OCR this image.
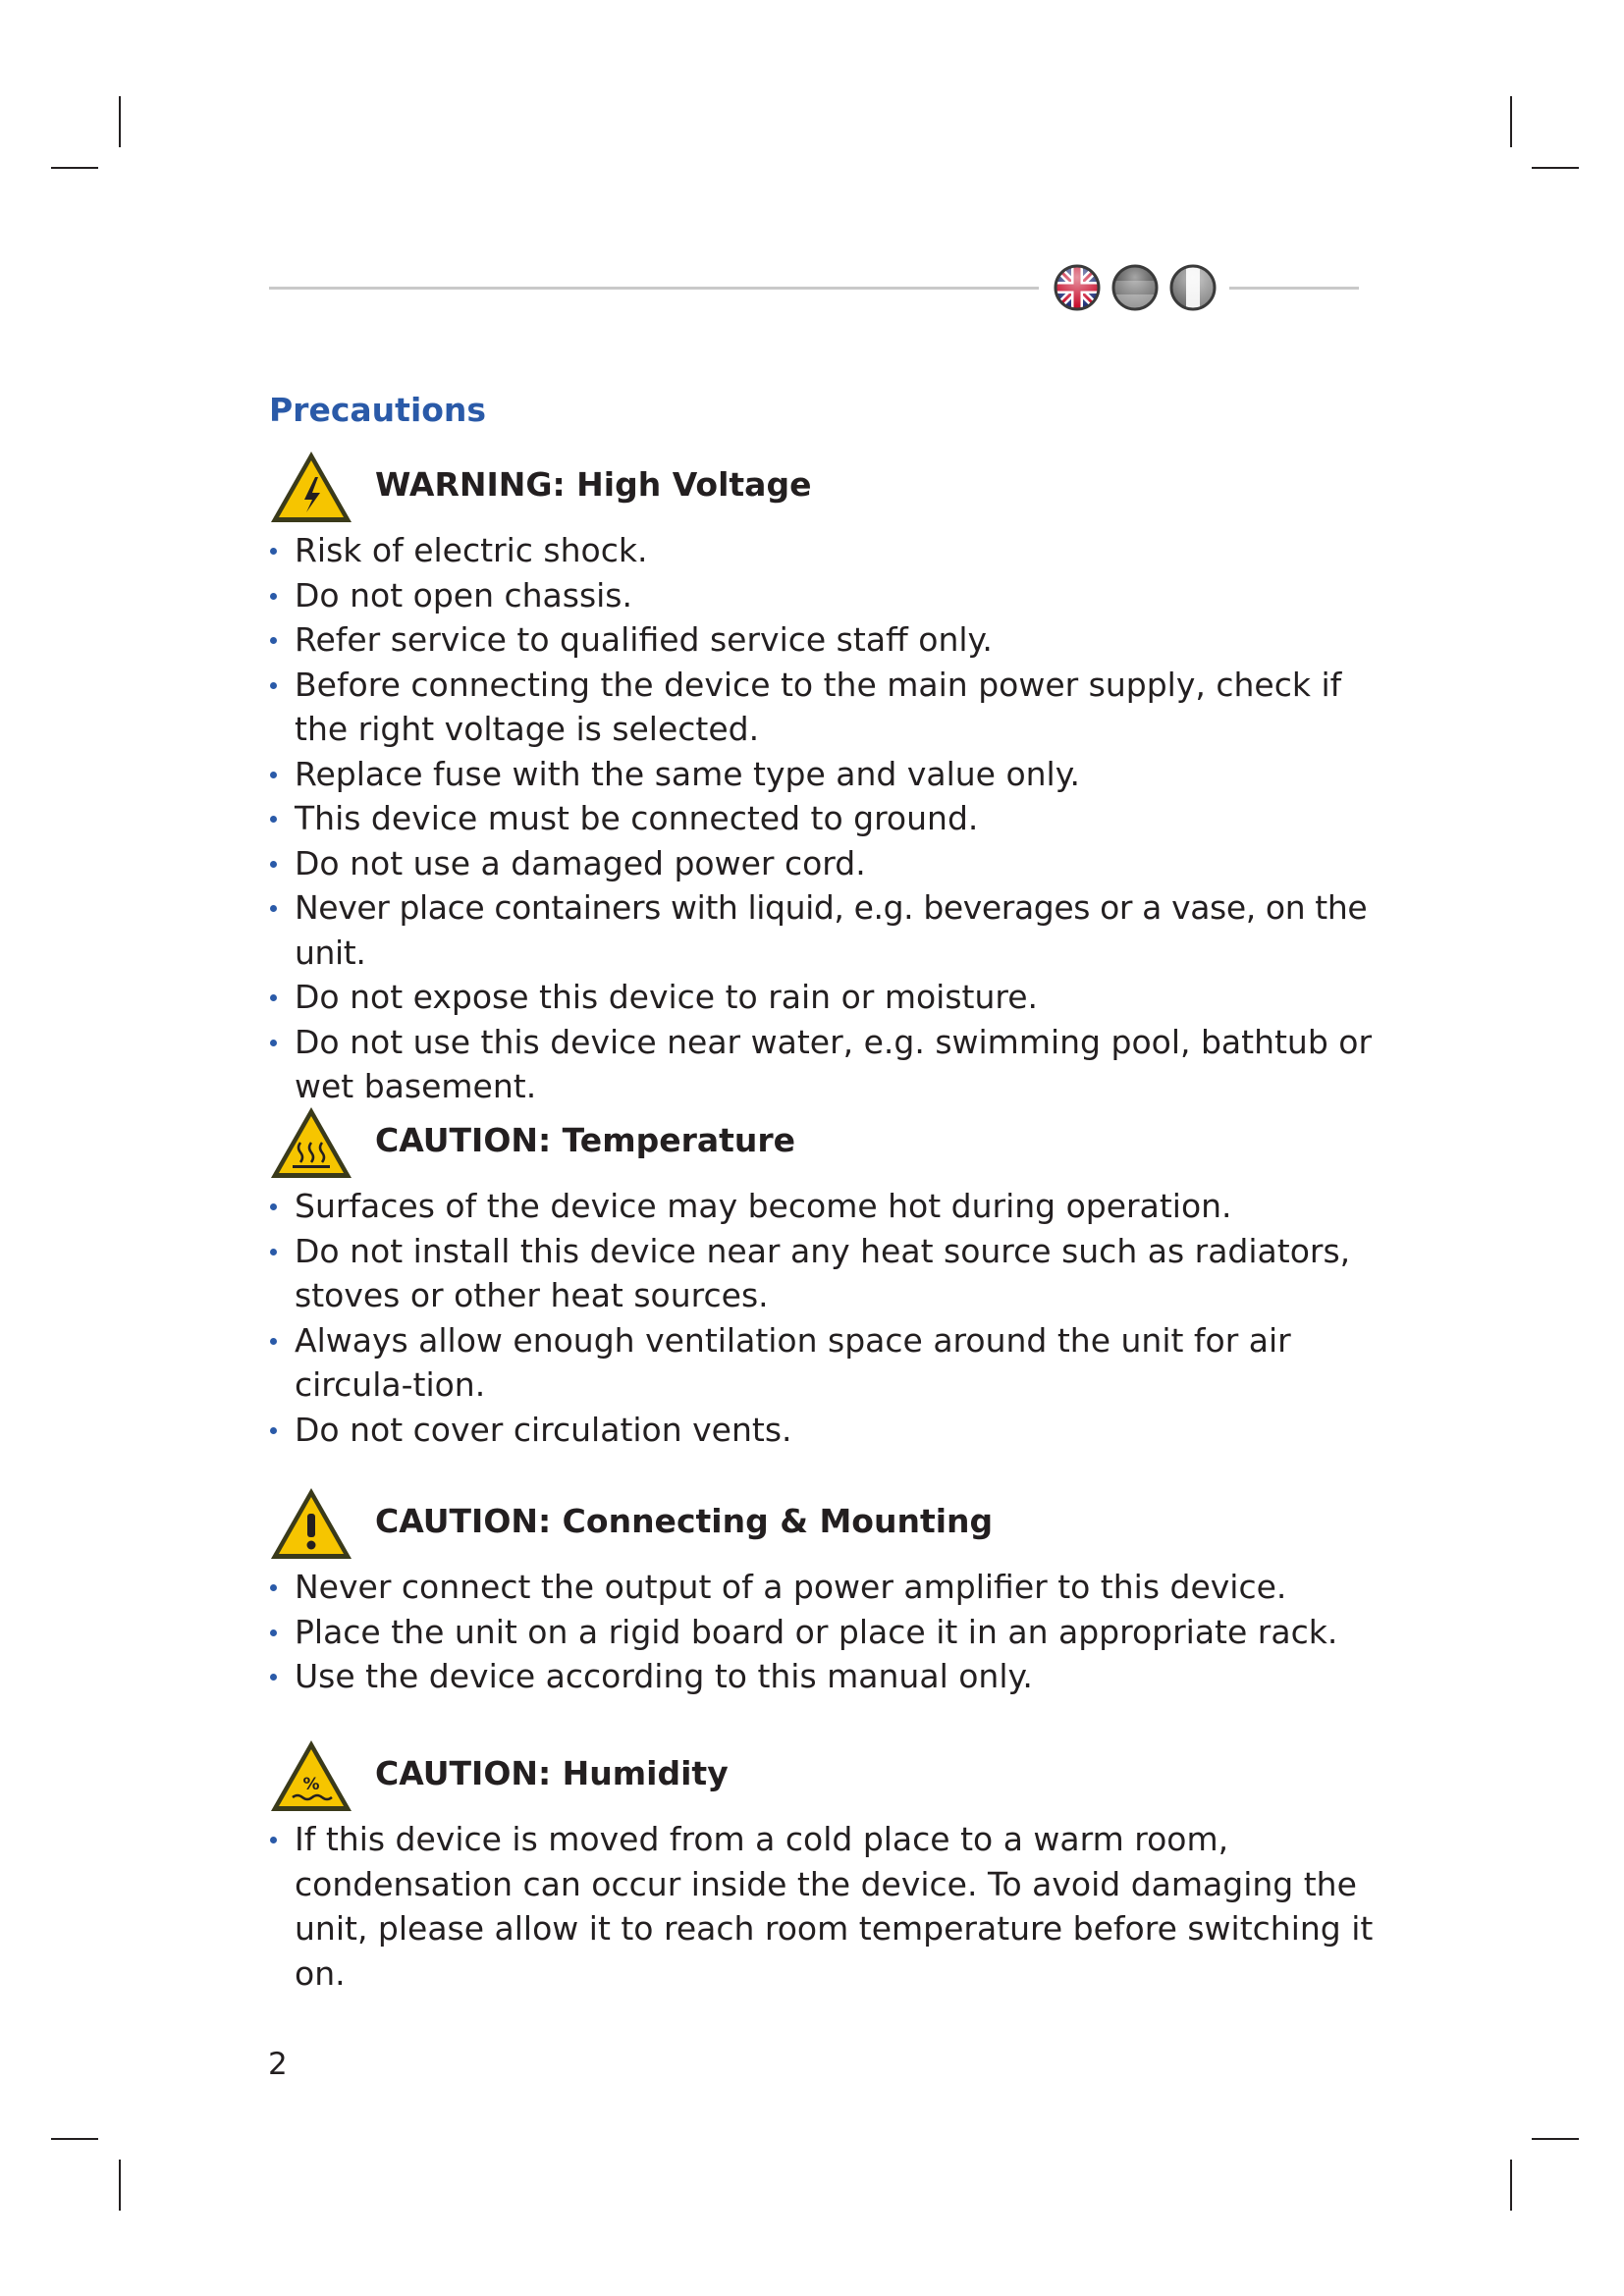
Precautions
WARNING: High Voltage
Risk of electric shock.
Do not open chassis.
Refer service to qualified service staff only.
Before connecting the device to the main power supply, check if the right voltage is selected.
Replace fuse with the same type and value only.
This device must be connected to ground.
Do not use a damaged power cord.
Never place containers with liquid, e.g. beverages or a vase, on the unit.
Do not expose this device to rain or moisture.
Do not use this device near water, e.g. swimming pool, bathtub or wet basement.
CAUTION: Temperature
Surfaces of the device may become hot during operation.
Do not install this device near any heat source such as radiators, stoves or other heat sources.
Always allow enough ventilation space around the unit for air circula-tion.
Do not cover circulation vents.
CAUTION: Connecting & Mounting
Never connect the output of a power amplifier to this device.
Place the unit on a rigid board or place it in an appropriate rack.
Use the device according to this manual only.
% CAUTION: Humidity
If this device is moved from a cold place to a warm room, condensation can occur inside the device. To avoid damaging the unit, please allow it to reach room temperature before switching it on.
2
